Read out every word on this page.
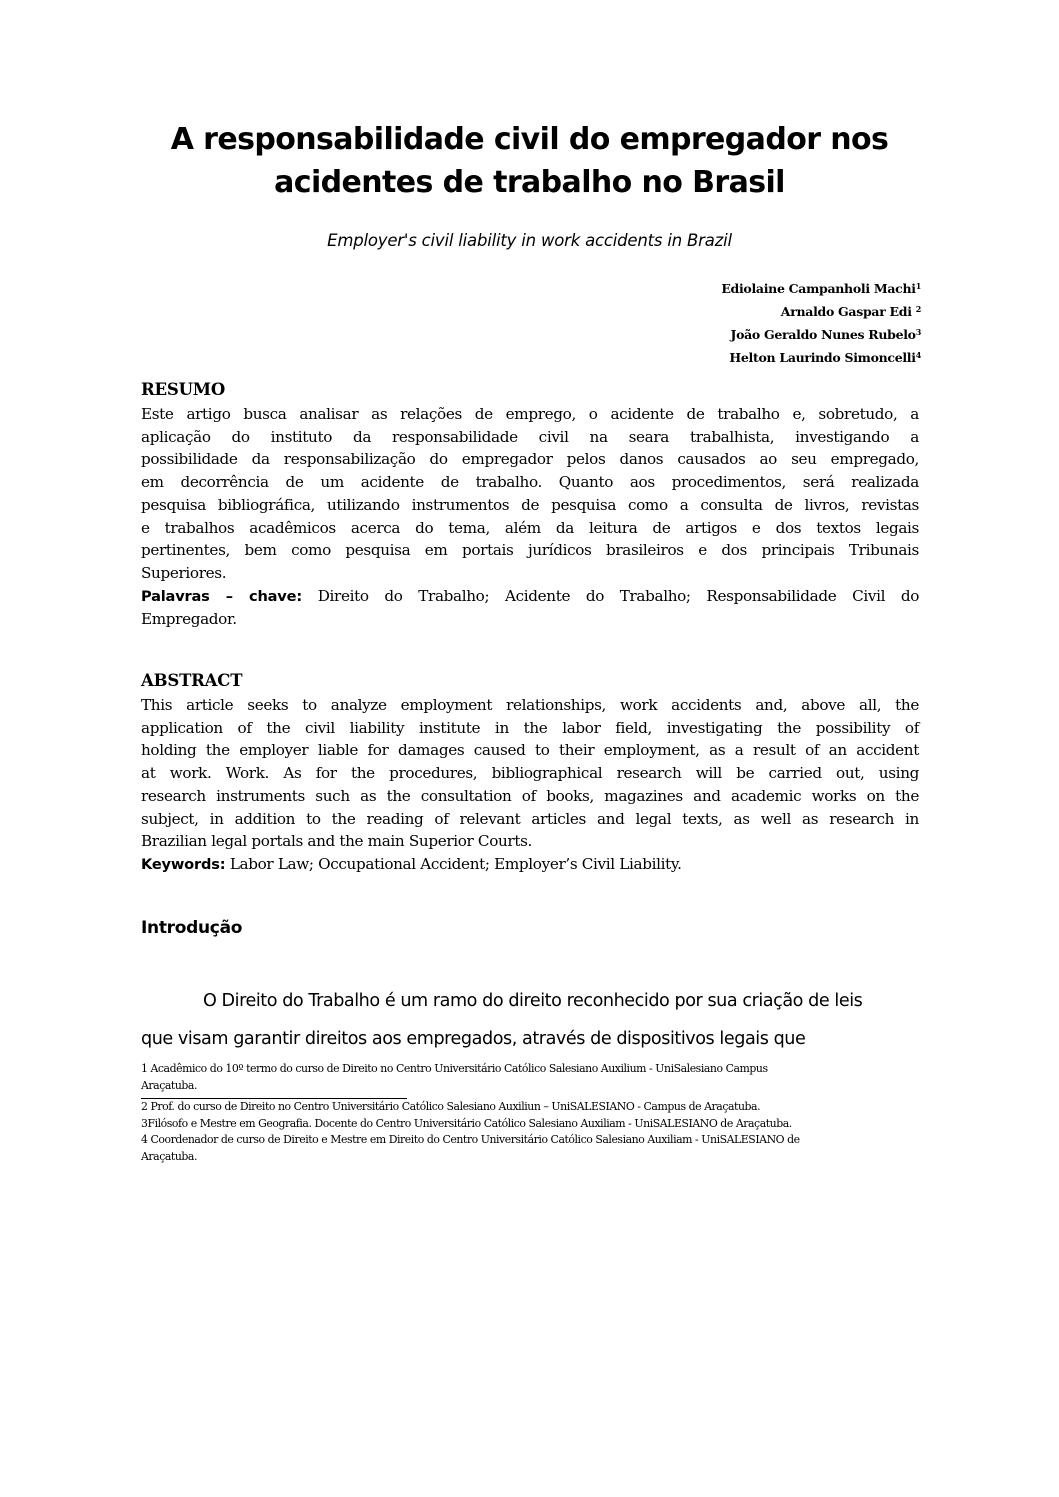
A responsabilidade civil do empregador nos
acidentes de trabalho no Brasil
Employer's civil liability in work accidents in Brazil
Ediolaine Campanholi Machi$^1$
Arnaldo Gaspar Edi $^2$
João Geraldo Nunes Rubelo$^3$
Helton Laurindo Simoncelli$^4$
RESUMO
Este artigo busca analisar as relações de emprego, o acidente de trabalho e, sobretudo, a
aplicação do instituto da responsabilidade civil na seara trabalhista, investigando a
possibilidade da responsabilização do empregador pelos danos causados ao seu empregado,
em decorrência de um acidente de trabalho. Quanto aos procedimentos, será realizada
pesquisa bibliográfica, utilizando instrumentos de pesquisa como a consulta de livros, revistas
e trabalhos acadêmicos acerca do tema, além da leitura de artigos e dos textos legais
pertinentes, bem como pesquisa em portais jurídicos brasileiros e dos principais Tribunais
Superiores.
Palavras – chave: Direito do Trabalho; Acidente do Trabalho; Responsabilidade Civil do
Empregador.
ABSTRACT
This article seeks to analyze employment relationships, work accidents and, above all, the
application of the civil liability institute in the labor field, investigating the possibility of
holding the employer liable for damages caused to their employment, as a result of an accident
at work. Work. As for the procedures, bibliographical research will be carried out, using
research instruments such as the consultation of books, magazines and academic works on the
subject, in addition to the reading of relevant articles and legal texts, as well as research in
Brazilian legal portals and the main Superior Courts.
Keywords: Labor Law; Occupational Accident; Employer’s Civil Liability.
Introdução
O Direito do Trabalho é um ramo do direito reconhecido por sua criação de leis
que visam garantir direitos aos empregados, através de dispositivos legais que
1 Acadêmico do 10º termo do curso de Direito no Centro Universitário Católico Salesiano Auxilium - UniSalesiano Campus
Araçatuba.
2 Prof. do curso de Direito no Centro Universitário Católico Salesiano Auxiliun – UniSALESIANO - Campus de Araçatuba.
3Filósofo e Mestre em Geografia. Docente do Centro Universitário Católico Salesiano Auxiliam - UniSALESIANO de Araçatuba.
4 Coordenador de curso de Direito e Mestre em Direito do Centro Universitário Católico Salesiano Auxiliam - UniSALESIANO de
Araçatuba.
